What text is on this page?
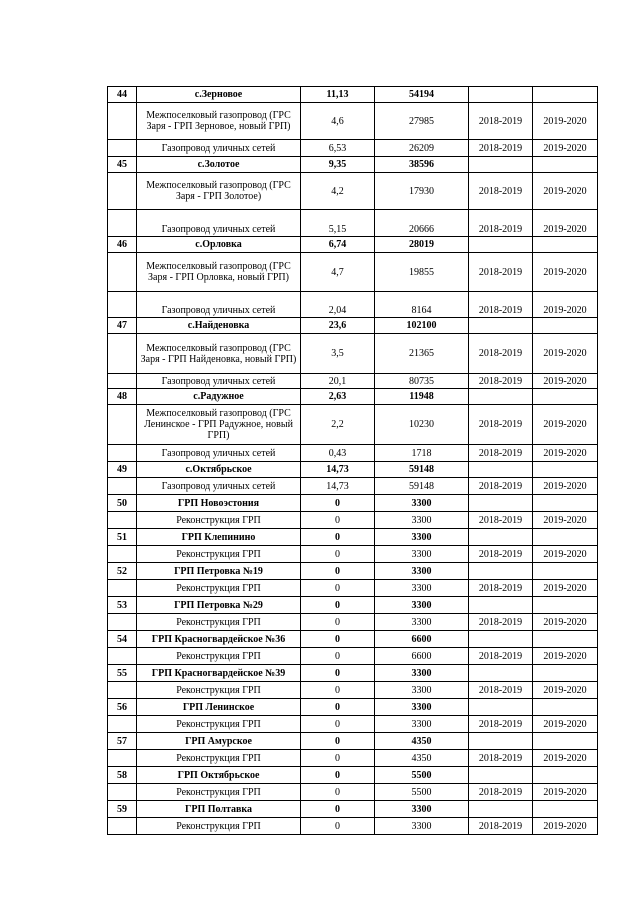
44	с.Зерновое	11,13	54194		
	Межпоселковый газопровод (ГРС Заря - ГРП Зерновое, новый ГРП)	4,6	27985	2018-2019	2019-2020
	Газопровод уличных сетей	6,53	26209	2018-2019	2019-2020
45	с.Золотое	9,35	38596		
	Межпоселковый газопровод (ГРС Заря - ГРП Золотое)	4,2	17930	2018-2019	2019-2020
	Газопровод уличных сетей	5,15	20666	2018-2019	2019-2020
46	с.Орловка	6,74	28019		
	Межпоселковый газопровод (ГРС Заря - ГРП Орловка, новый ГРП)	4,7	19855	2018-2019	2019-2020
	Газопровод уличных сетей	2,04	8164	2018-2019	2019-2020
47	с.Найденовка	23,6	102100		
	Межпоселковый газопровод (ГРС Заря - ГРП Найденовка, новый ГРП)	3,5	21365	2018-2019	2019-2020
	Газопровод уличных сетей	20,1	80735	2018-2019	2019-2020
48	с.Радужное	2,63	11948		
	Межпоселковый газопровод (ГРС Ленинское - ГРП Радужное, новый ГРП)	2,2	10230	2018-2019	2019-2020
	Газопровод уличных сетей	0,43	1718	2018-2019	2019-2020
49	с.Октябрьское	14,73	59148		
	Газопровод уличных сетей	14,73	59148	2018-2019	2019-2020
50	ГРП Новоэстония	0	3300		
	Реконструкция ГРП	0	3300	2018-2019	2019-2020
51	ГРП Клепинино	0	3300		
	Реконструкция ГРП	0	3300	2018-2019	2019-2020
52	ГРП Петровка №19	0	3300		
	Реконструкция ГРП	0	3300	2018-2019	2019-2020
53	ГРП Петровка №29	0	3300		
	Реконструкция ГРП	0	3300	2018-2019	2019-2020
54	ГРП Красногвардейское №36	0	6600		
	Реконструкция ГРП	0	6600	2018-2019	2019-2020
55	ГРП Красногвардейское №39	0	3300		
	Реконструкция ГРП	0	3300	2018-2019	2019-2020
56	ГРП Ленинское	0	3300		
	Реконструкция ГРП	0	3300	2018-2019	2019-2020
57	ГРП Амурское	0	4350		
	Реконструкция ГРП	0	4350	2018-2019	2019-2020
58	ГРП Октябрьское	0	5500		
	Реконструкция ГРП	0	5500	2018-2019	2019-2020
59	ГРП Полтавка	0	3300		
	Реконструкция ГРП	0	3300	2018-2019	2019-2020
